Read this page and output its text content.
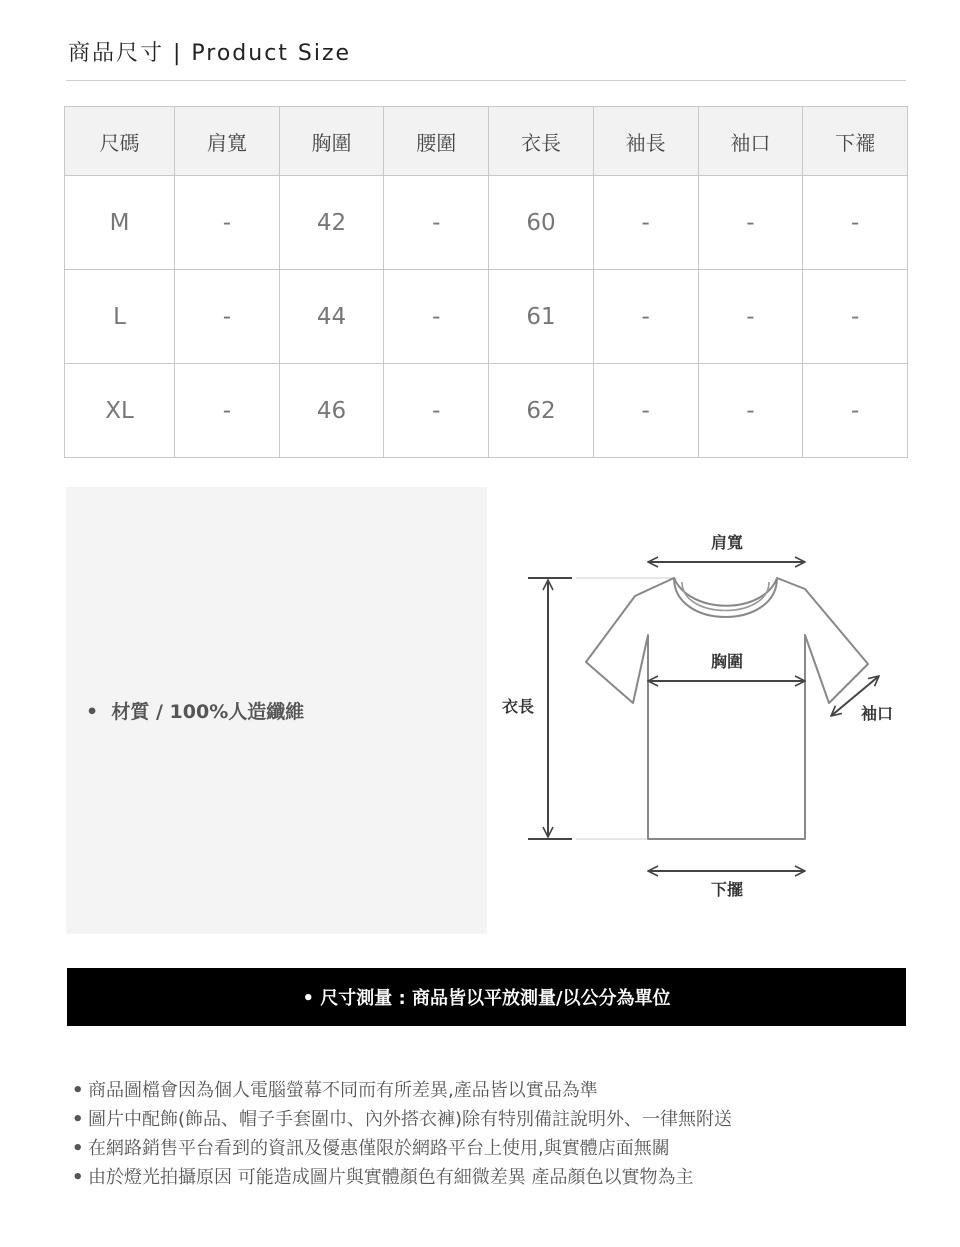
商品尺寸 | Product Size
尺碼	肩寬	胸圍	腰圍	衣長	袖長	袖口	下襬
M	-	42	-	60	-	-	-
L	-	44	-	61	-	-	-
XL	-	46	-	62	-	-	-
• 材質 / 100%人造纖維
肩寬
胸圍
衣長	袖口
下擺
• 尺寸測量 : 商品皆以平放測量/以公分為單位
• 商品圖檔會因為個人電腦螢幕不同而有所差異,產品皆以實品為準
• 圖片中配飾(飾品、帽子手套圍巾、內外搭衣褲)除有特別備註說明外、一律無附送
• 在網路銷售平台看到的資訊及優惠僅限於網路平台上使用,與實體店面無關
• 由於燈光拍攝原因 可能造成圖片與實體顏色有細微差異 產品顏色以實物為主
